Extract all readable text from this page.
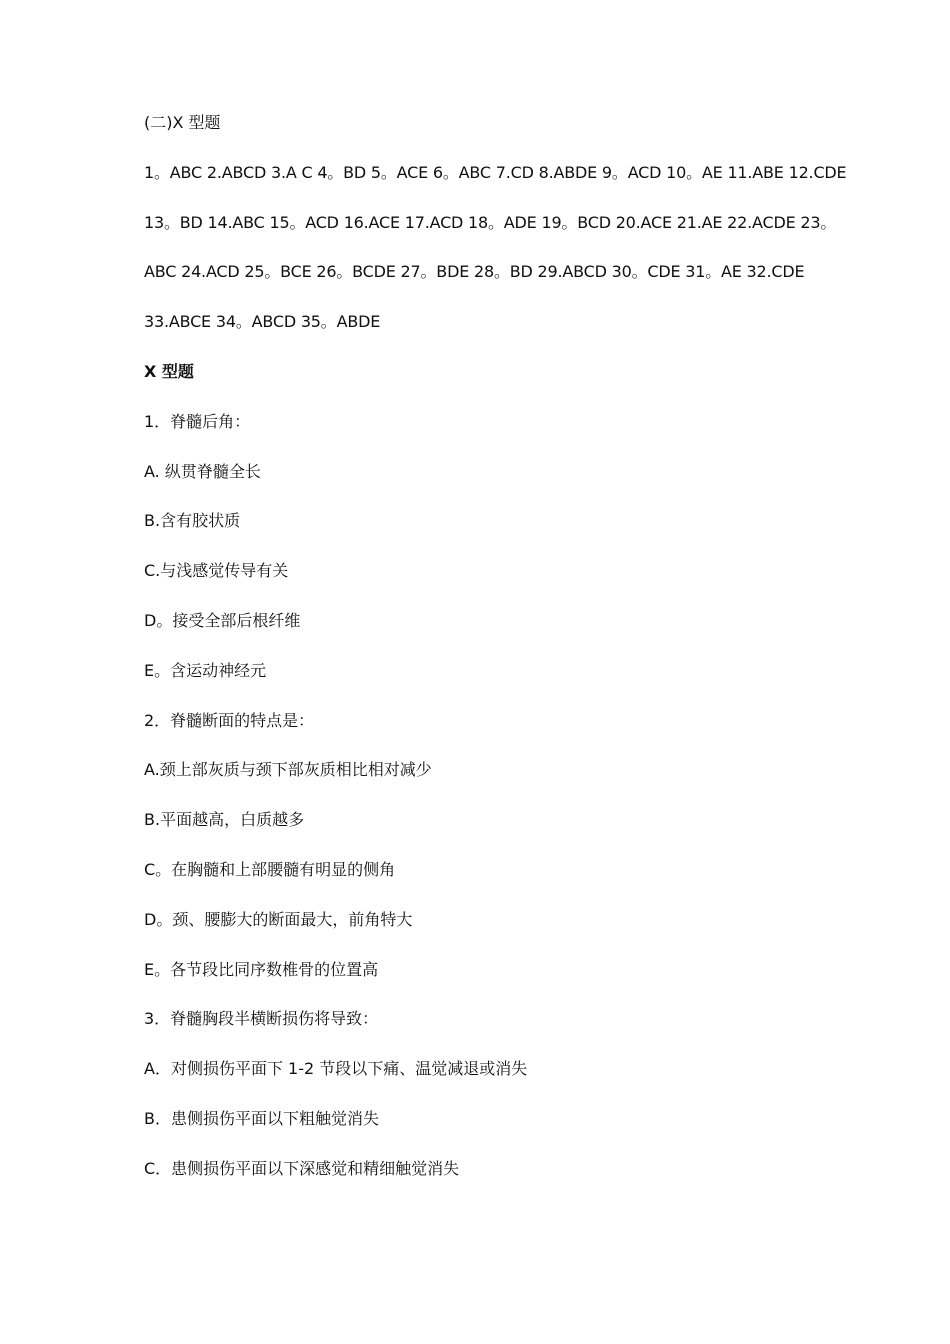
(二)X 型题
1。ABC 2.ABCD 3.A C 4。BD 5。ACE 6。ABC 7.CD 8.ABDE 9。ACD 10。AE 11.ABE 12.CDE
13。BD 14.ABC 15。ACD 16.ACE 17.ACD 18。ADE 19。BCD 20.ACE 21.AE 22.ACDE 23。
ABC 24.ACD 25。BCE 26。BCDE 27。BDE 28。BD 29.ABCD 30。CDE 31。AE 32.CDE
33.ABCE 34。ABCD 35。ABDE
X 型题
1．脊髓后角：
A. 纵贯脊髓全长
B.含有胶状质
C.与浅感觉传导有关
D。接受全部后根纤维
E。含运动神经元
2．脊髓断面的特点是：
A.颈上部灰质与颈下部灰质相比相对减少
B.平面越高，白质越多
C。在胸髓和上部腰髓有明显的侧角
D。颈、腰膨大的断面最大，前角特大
E。各节段比同序数椎骨的位置高
3．脊髓胸段半横断损伤将导致：
A．对侧损伤平面下 1-2 节段以下痛、温觉减退或消失
B．患侧损伤平面以下粗触觉消失
C．患侧损伤平面以下深感觉和精细触觉消失
